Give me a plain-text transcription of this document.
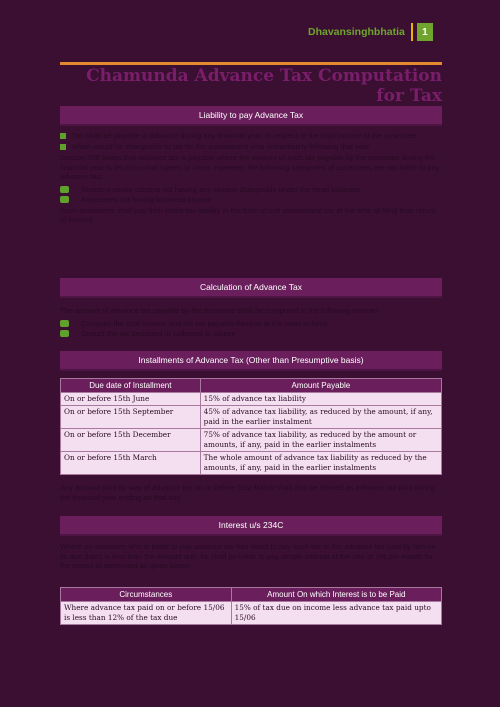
Dhavansinghbhatia	1
Chamunda Advance Tax Computation for Tax
Liability to pay Advance Tax
Tax shall be payable in advance during any financial year, in respect of the total income of the assessee
which would be chargeable to tax for the assessment year immediately following that year
Section 208 states that advance tax is payable where the amount of such tax payable by the assessee during the financial year is ten thousand rupees or more. However, the following categories of assessees are not liable to pay advance tax:
Resident senior citizens not having any income chargeable under the head business
Assessees not having business income
Such assessees shall pay their entire tax liability in the form of self assessment tax at the time of filing their return of income.
Calculation of Advance Tax
The amount of advance tax payable by the assessee shall be computed in the following manner:
Compute the total income and the tax payable thereon at the rates in force
Deduct the tax deducted or collected at source
Installments of Advance Tax (Other than Presumptive basis)
Due date of Installment	Amount Payable
On or before 15th June	15% of advance tax liability
On or before 15th September	45% of advance tax liability, as reduced by the amount, if any, paid in the earlier instalment
On or before 15th December	75% of advance tax liability, as reduced by the amount or amounts, if any, paid in the earlier instalments
On or before 15th March	The whole amount of advance tax liability as reduced by the amounts, if any, paid in the earlier instalments
Any amount paid by way of advance tax on or before 31st March shall also be treated as advance tax paid during the financial year ending on that day.
Interest u/s 234C
Where an assessee who is liable to pay advance tax has failed to pay such tax or the advance tax paid by him on its due dates is less than the amount due, he shall be liable to pay simple interest at the rate of 1% per month for the period of deferment as given below:
Circumstances	Amount On which Interest is to be Paid
Where advance tax paid on or before 15/06 is less than 12% of the tax due	15% of tax due on income less advance tax paid upto 15/06
